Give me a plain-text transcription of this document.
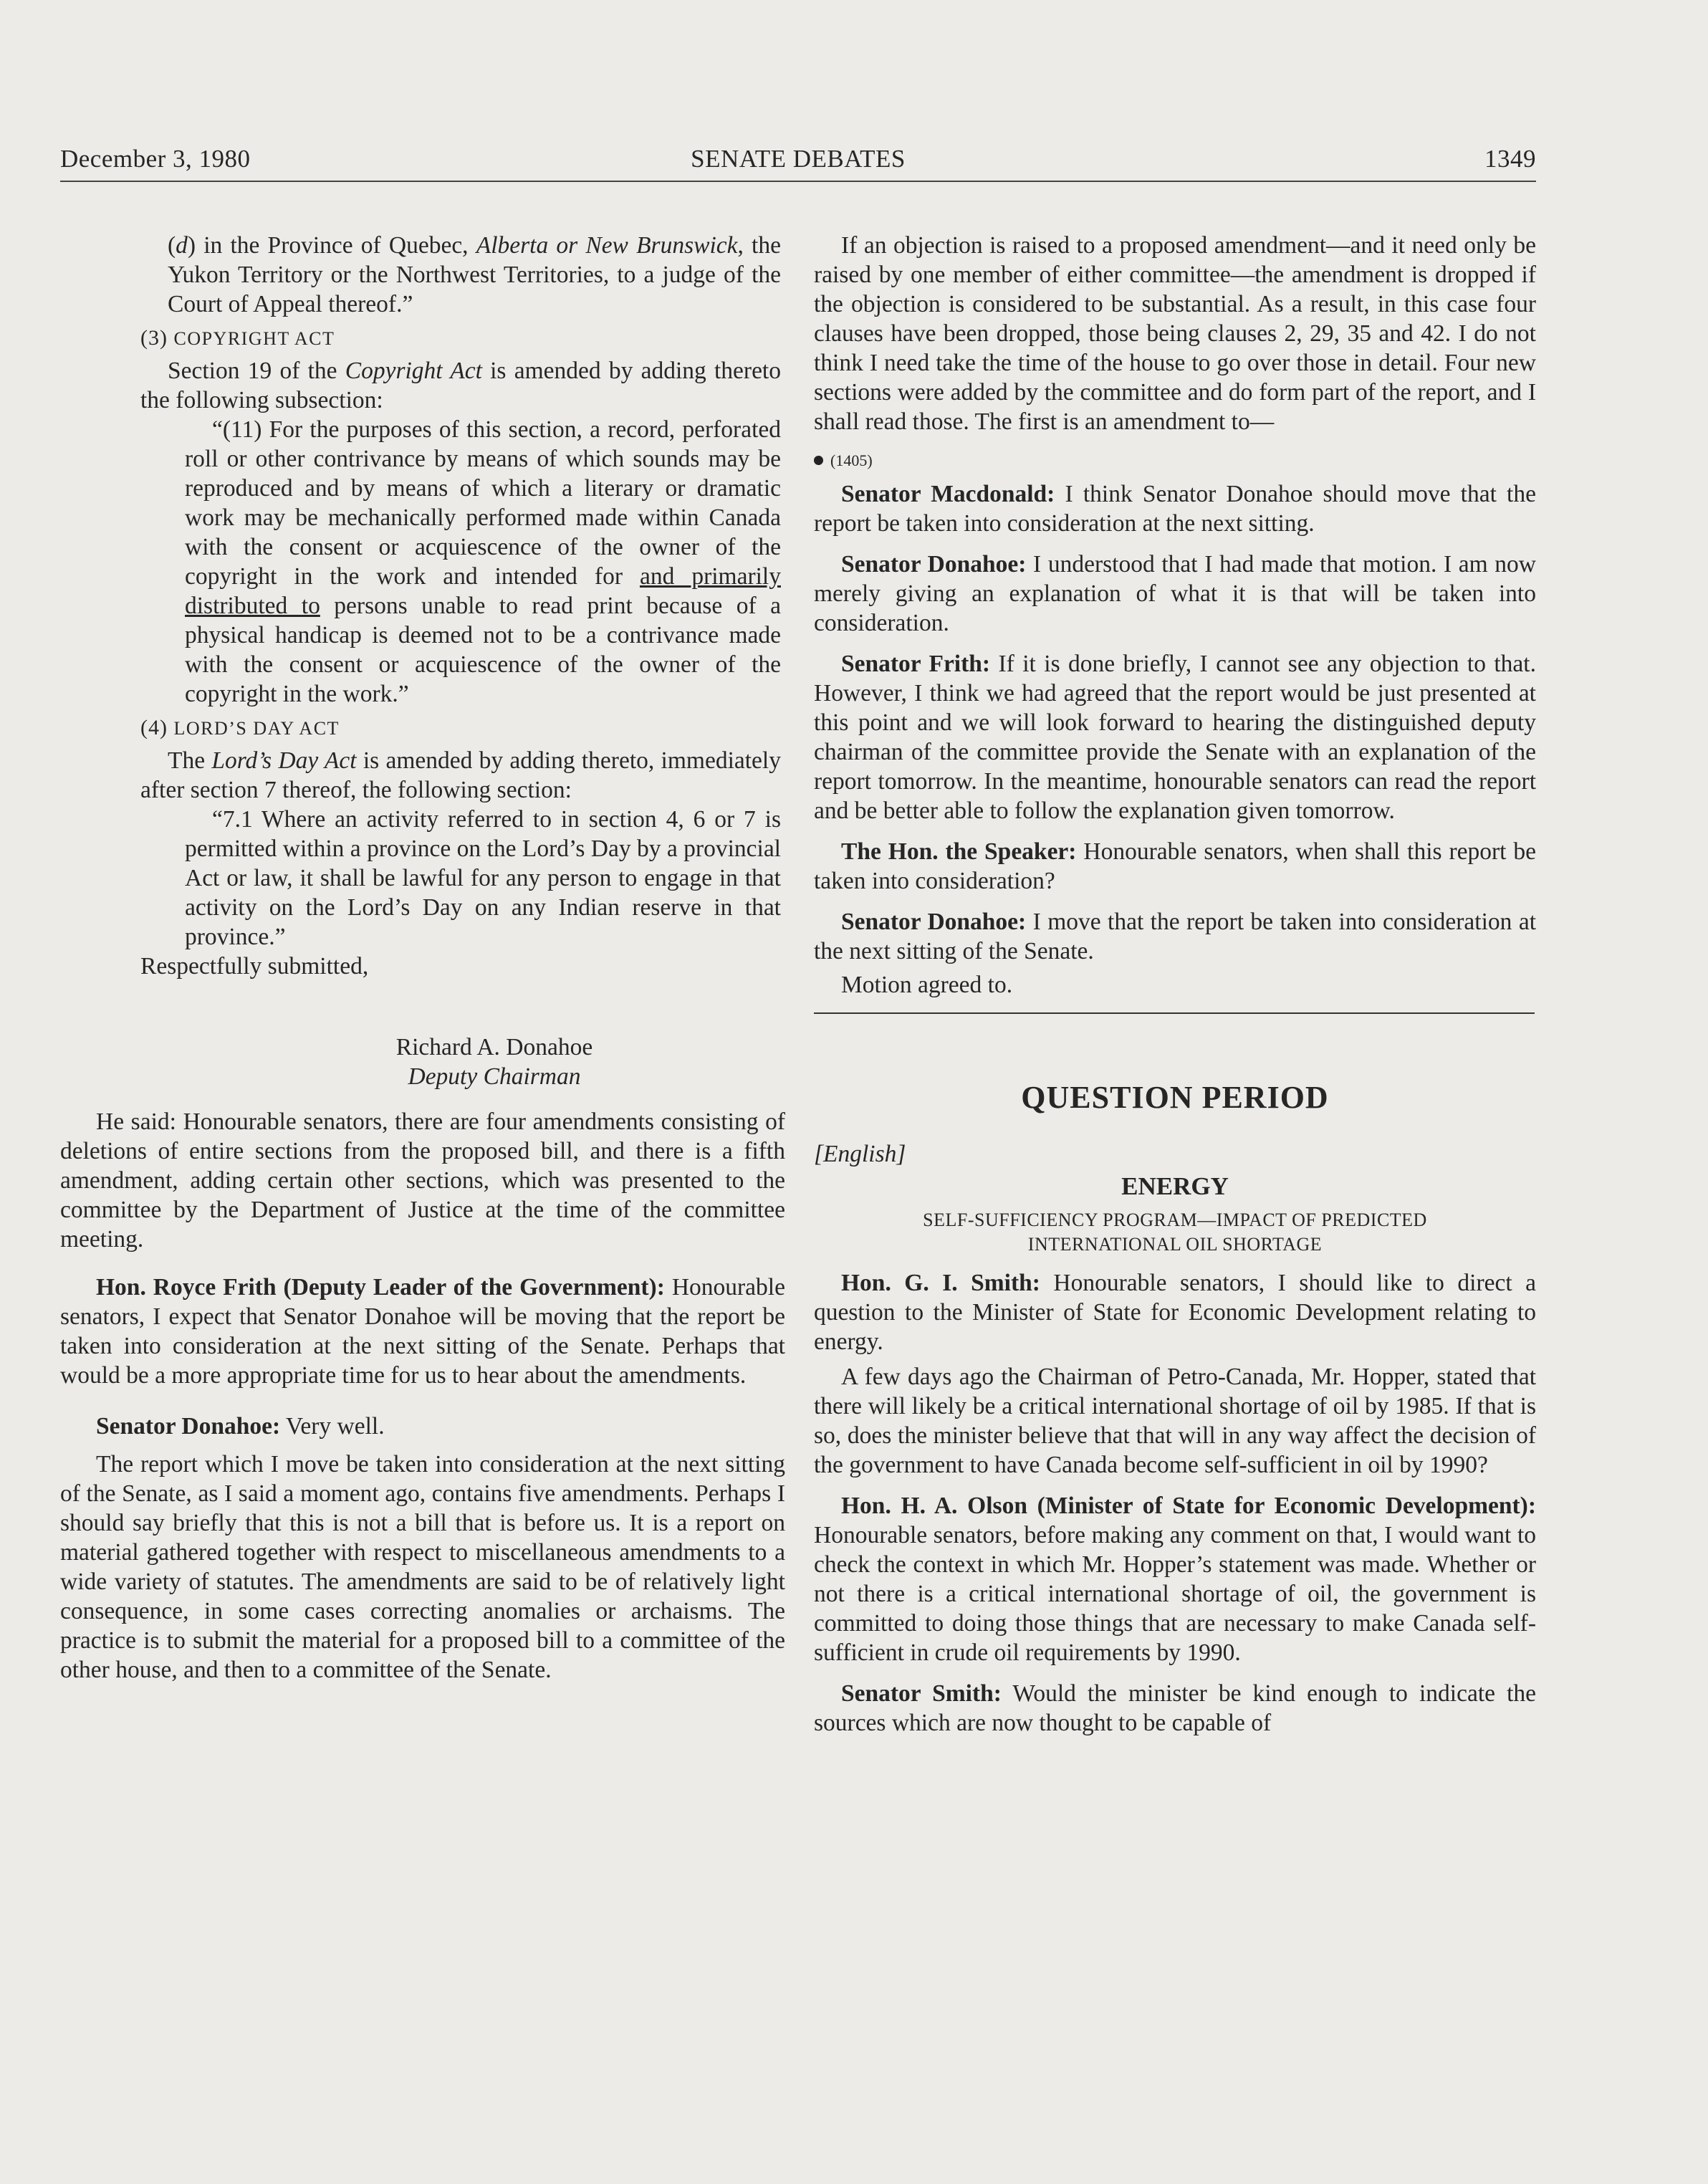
December 3, 1980	SENATE DEBATES	1349

(d) in the Province of Quebec, Alberta or New Brunswick, the Yukon Territory or the Northwest Territories, to a judge of the Court of Appeal thereof.”

(3) COPYRIGHT ACT

Section 19 of the Copyright Act is amended by adding thereto the following subsection:

“(11) For the purposes of this section, a record, perforated roll or other contrivance by means of which sounds may be reproduced and by means of which a literary or dramatic work may be mechanically performed made within Canada with the consent or acquiescence of the owner of the copyright in the work and intended for and primarily distributed to persons unable to read print because of a physical handicap is deemed not to be a contrivance made with the consent or acquiescence of the owner of the copyright in the work.”

(4) LORD’S DAY ACT

The Lord’s Day Act is amended by adding thereto, immediately after section 7 thereof, the following section:

“7.1 Where an activity referred to in section 4, 6 or 7 is permitted within a province on the Lord’s Day by a provincial Act or law, it shall be lawful for any person to engage in that activity on the Lord’s Day on any Indian reserve in that province.”

Respectfully submitted,

Richard A. Donahoe
Deputy Chairman

He said: Honourable senators, there are four amendments consisting of deletions of entire sections from the proposed bill, and there is a fifth amendment, adding certain other sections, which was presented to the committee by the Department of Justice at the time of the committee meeting.

Hon. Royce Frith (Deputy Leader of the Government): Honourable senators, I expect that Senator Donahoe will be moving that the report be taken into consideration at the next sitting of the Senate. Perhaps that would be a more appropriate time for us to hear about the amendments.

Senator Donahoe: Very well.

The report which I move be taken into consideration at the next sitting of the Senate, as I said a moment ago, contains five amendments. Perhaps I should say briefly that this is not a bill that is before us. It is a report on material gathered together with respect to miscellaneous amendments to a wide variety of statutes. The amendments are said to be of relatively light consequence, in some cases correcting anomalies or archaisms. The practice is to submit the material for a proposed bill to a committee of the other house, and then to a committee of the Senate.

If an objection is raised to a proposed amendment—and it need only be raised by one member of either committee—the amendment is dropped if the objection is considered to be substantial. As a result, in this case four clauses have been dropped, those being clauses 2, 29, 35 and 42. I do not think I need take the time of the house to go over those in detail. Four new sections were added by the committee and do form part of the report, and I shall read those. The first is an amendment to—

(1405)

Senator Macdonald: I think Senator Donahoe should move that the report be taken into consideration at the next sitting.

Senator Donahoe: I understood that I had made that motion. I am now merely giving an explanation of what it is that will be taken into consideration.

Senator Frith: If it is done briefly, I cannot see any objection to that. However, I think we had agreed that the report would be just presented at this point and we will look forward to hearing the distinguished deputy chairman of the committee provide the Senate with an explanation of the report tomorrow. In the meantime, honourable senators can read the report and be better able to follow the explanation given tomorrow.

The Hon. the Speaker: Honourable senators, when shall this report be taken into consideration?

Senator Donahoe: I move that the report be taken into consideration at the next sitting of the Senate.

Motion agreed to.

QUESTION PERIOD

[English]

ENERGY
SELF-SUFFICIENCY PROGRAM—IMPACT OF PREDICTED
INTERNATIONAL OIL SHORTAGE

Hon. G. I. Smith: Honourable senators, I should like to direct a question to the Minister of State for Economic Development relating to energy.

A few days ago the Chairman of Petro-Canada, Mr. Hopper, stated that there will likely be a critical international shortage of oil by 1985. If that is so, does the minister believe that that will in any way affect the decision of the government to have Canada become self-sufficient in oil by 1990?

Hon. H. A. Olson (Minister of State for Economic Development): Honourable senators, before making any comment on that, I would want to check the context in which Mr. Hopper’s statement was made. Whether or not there is a critical international shortage of oil, the government is committed to doing those things that are necessary to make Canada self-sufficient in crude oil requirements by 1990.

Senator Smith: Would the minister be kind enough to indicate the sources which are now thought to be capable of
